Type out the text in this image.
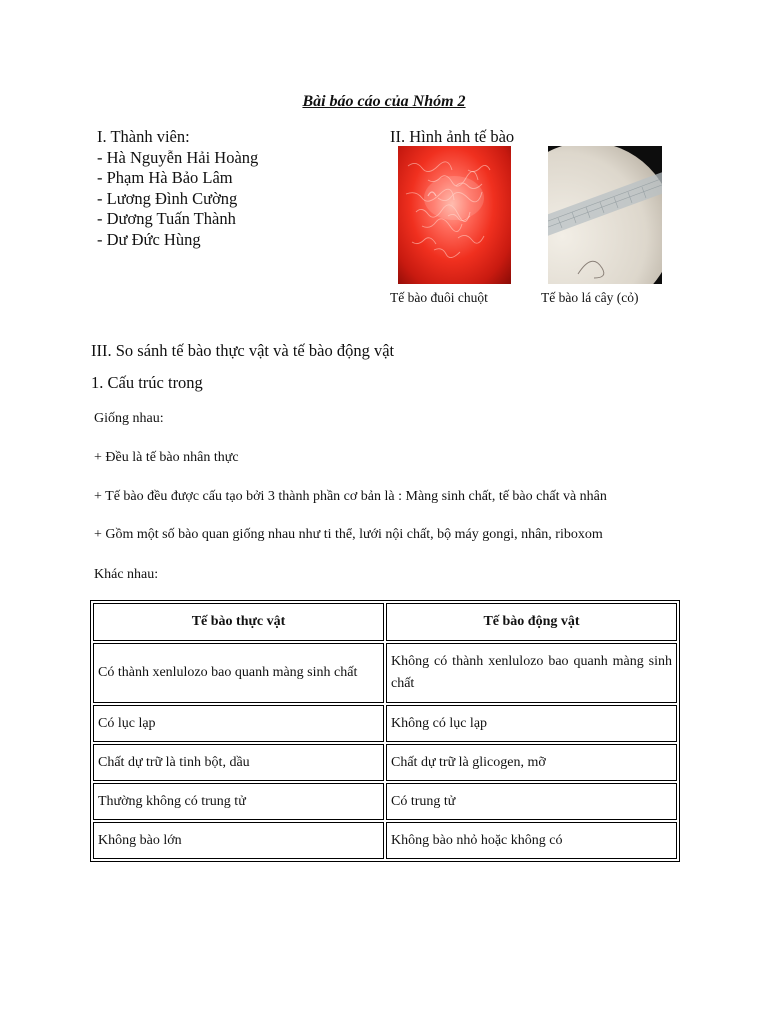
Bài báo cáo của Nhóm 2
I. Thành viên:
- Hà Nguyễn Hải Hoàng
- Phạm Hà Bảo Lâm
- Lương Đình Cường
- Dương Tuấn Thành
- Dư Đức Hùng
II. Hình ảnh tế bào
Tế bào đuôi chuột	Tế bào lá cây (cỏ)
III. So sánh tế bào thực vật và tế bào động vật
1. Cấu trúc trong
Giống nhau:
+ Đều là tế bào nhân thực
+ Tế bào đều được cấu tạo bởi 3 thành phần cơ bản là : Màng sinh chất, tế bào chất và nhân
+ Gồm một số bào quan giống nhau như ti thể, lưới nội chất, bộ máy gongi, nhân, riboxom
Khác nhau:
Tế bào thực vật	Tế bào động vật
Có thành xenlulozo bao quanh màng sinh chất	Không có thành xenlulozo bao quanh màng sinh chất
Có lục lạp	Không có lục lạp
Chất dự trữ là tinh bột, dầu	Chất dự trữ là glicogen, mỡ
Thường không có trung tử	Có trung tử
Không bào lớn	Không bào nhỏ hoặc không có
